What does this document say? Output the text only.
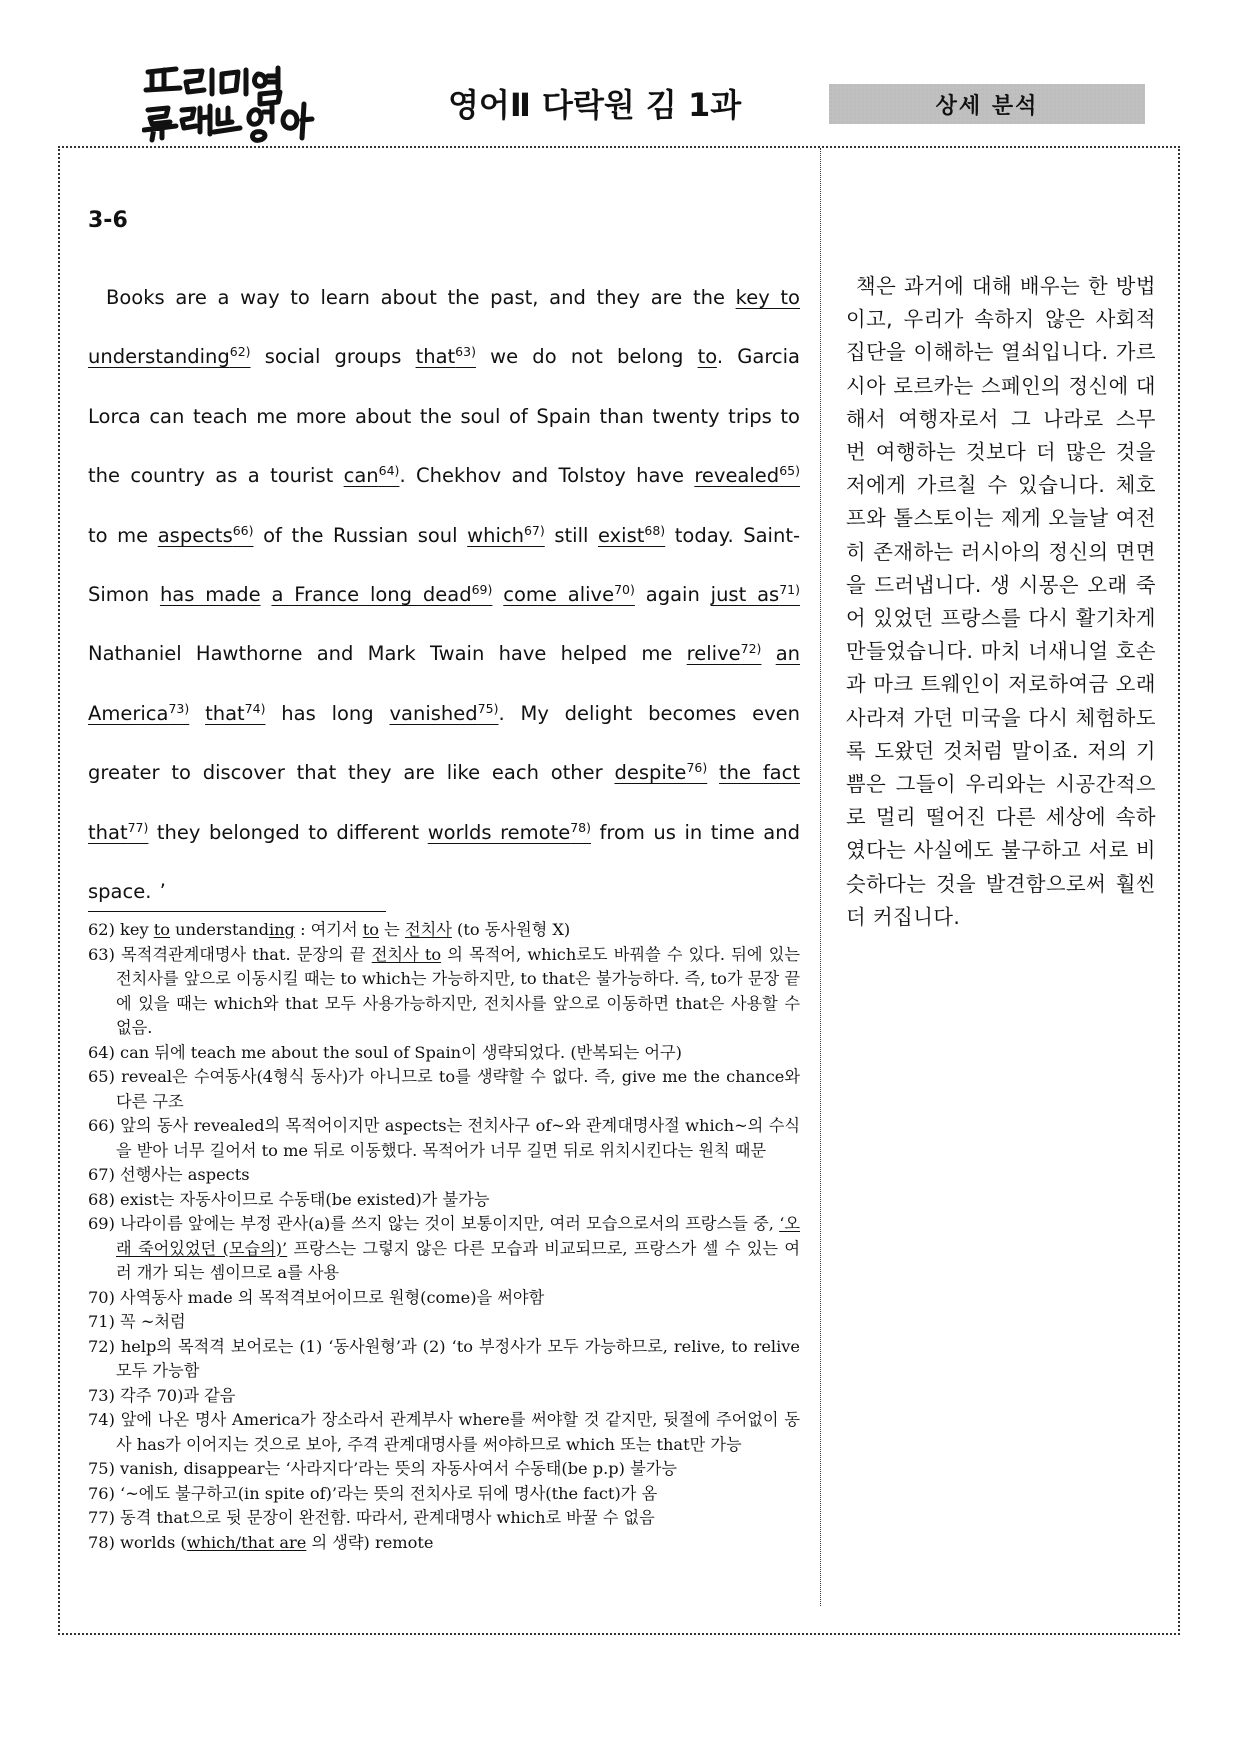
영어Ⅱ 다락원 김 1과	상세 분석
3-6

Books are a way to learn about the past, and they are the key to understanding$^{62)}$ social groups that$^{63)}$ we do not belong to. Garcia Lorca can teach me more about the soul of Spain than twenty trips to the country as a tourist can$^{64)}$. Chekhov and Tolstoy have revealed$^{65)}$ to me aspects$^{66)}$ of the Russian soul which$^{67)}$ still exist$^{68)}$ today. Saint-Simon has made a France long dead$^{69)}$ come alive$^{70)}$ again just $as^{71)}$ Nathaniel Hawthorne and Mark Twain have helped me relive$^{72)}$ an America$^{73)}$ that$^{74)}$ has long vanished$^{75)}$. My delight becomes even greater to discover that they are like each other despite$^{76)}$ the fact that$^{77)}$ they belonged to different worlds remote$^{78)}$ from us in time and space. ’

62) key to understanding : 여기서 to 는 전치사 (to 동사원형 X)

63) 목적격관계대명사 that. 문장의 끝 전치사 to 의 목적어, which로도 바꿔쓸 수 있다. 뒤에 있는 전치사를 앞으로 이동시킬 때는 to which는 가능하지만, to that은 불가능하다. 즉, to가 문장 끝에 있을 때는 which와 that 모두 사용가능하지만, 전치사를 앞으로 이동하면 that은 사용할 수 없음.

64) can 뒤에 teach me about the soul of Spain이 생략되었다. (반복되는 어구)

65) reveal은 수여동사(4형식 동사)가 아니므로 to를 생략할 수 없다. 즉, give me the chance와 다른 구조

66) 앞의 동사 revealed의 목적어이지만 aspects는 전치사구 of~와 관계대명사절 which~의 수식을 받아 너무 길어서 to me 뒤로 이동했다. 목적어가 너무 길면 뒤로 위치시킨다는 원칙 때문

67) 선행사는 aspects

68) exist는 자동사이므로 수동태(be existed)가 불가능

69) 나라이름 앞에는 부정 관사(a)를 쓰지 않는 것이 보통이지만, 여러 모습으로서의 프랑스들 중, ‘오래 죽어있었던 (모습의)’ 프랑스는 그렇지 않은 다른 모습과 비교되므로, 프랑스가 셀 수 있는 여러 개가 되는 셈이므로 a를 사용

70) 사역동사 made 의 목적격보어이므로 원형(come)을 써야함

71) 꼭 ~처럼

72) help의 목적격 보어로는 (1) ‘동사원형’과 (2) ‘to 부정사가 모두 가능하므로, relive, to relive 모두 가능함

73) 각주 70)과 같음

74) 앞에 나온 명사 America가 장소라서 관계부사 where를 써야할 것 같지만, 뒷절에 주어없이 동사 has가 이어지는 것으로 보아, 주격 관계대명사를 써야하므로 which 또는 that만 가능

75) vanish, disappear는 ‘사라지다’라는 뜻의 자동사여서 수동태(be p.p) 불가능

76) ‘~에도 불구하고(in spite of)’라는 뜻의 전치사로 뒤에 명사(the fact)가 옴

77) 동격 that으로 뒷 문장이 완전함. 따라서, 관계대명사 which로 바꿀 수 없음

78) worlds (which/that are 의 생략) remote

책은 과거에 대해 배우는 한 방법이고, 우리가 속하지 않은 사회적 집단을 이해하는 열쇠입니다. 가르시아 로르카는 스페인의 정신에 대해서 여행자로서 그 나라로 스무 번 여행하는 것보다 더 많은 것을 저에게 가르칠 수 있습니다. 체호프와 톨스토이는 제게 오늘날 여전히 존재하는 러시아의 정신의 면면을 드러냅니다. 생 시몽은 오래 죽어 있었던 프랑스를 다시 활기차게 만들었습니다. 마치 너새니얼 호손과 마크 트웨인이 저로하여금 오래 사라져 가던 미국을 다시 체험하도록 도왔던 것처럼 말이죠. 저의 기쁨은 그들이 우리와는 시공간적으로 멀리 떨어진 다른 세상에 속하였다는 사실에도 불구하고 서로 비슷하다는 것을 발견함으로써 훨씬 더 커집니다.
